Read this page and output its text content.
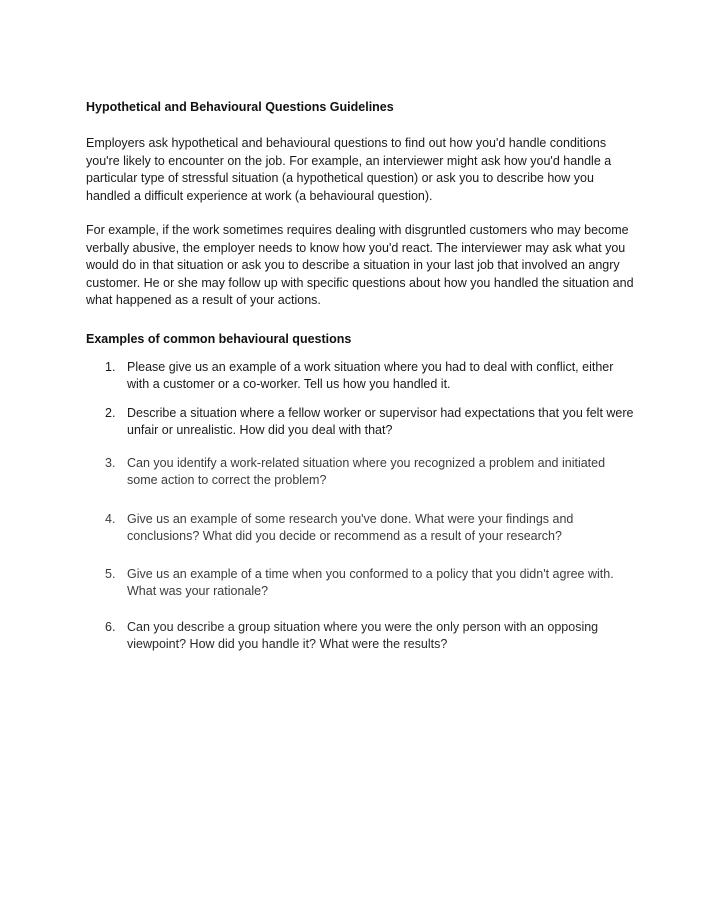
Hypothetical and Behavioural Questions Guidelines

Employers ask hypothetical and behavioural questions to find out how you'd handle conditions you're likely to encounter on the job. For example, an interviewer might ask how you'd handle a particular type of stressful situation (a hypothetical question) or ask you to describe how you handled a difficult experience at work (a behavioural question).

For example, if the work sometimes requires dealing with disgruntled customers who may become verbally abusive, the employer needs to know how you'd react. The interviewer may ask what you would do in that situation or ask you to describe a situation in your last job that involved an angry customer. He or she may follow up with specific questions about how you handled the situation and what happened as a result of your actions.

Examples of common behavioural questions
1. Please give us an example of a work situation where you had to deal with conflict, either with a customer or a co-worker. Tell us how you handled it.
2. Describe a situation where a fellow worker or supervisor had expectations that you felt were unfair or unrealistic. How did you deal with that?
3. Can you identify a work-related situation where you recognized a problem and initiated some action to correct the problem?
4. Give us an example of some research you've done. What were your findings and conclusions? What did you decide or recommend as a result of your research?
5. Give us an example of a time when you conformed to a policy that you didn't agree with. What was your rationale?
6. Can you describe a group situation where you were the only person with an opposing viewpoint? How did you handle it? What were the results?
